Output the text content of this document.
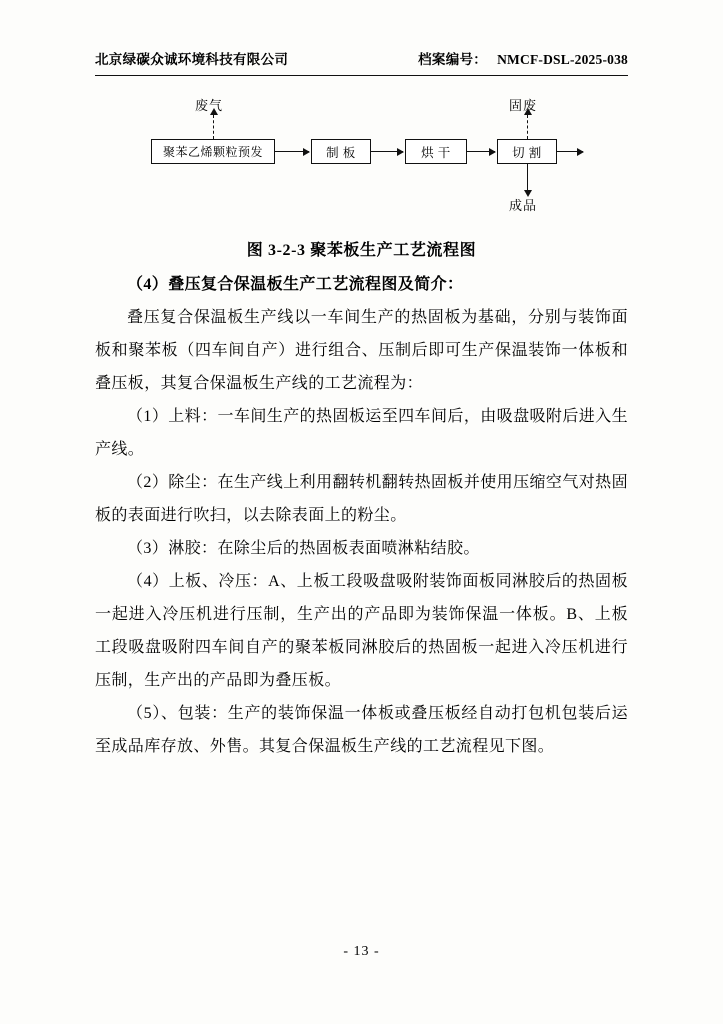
北京绿碳众诚环境科技有限公司	档案编号： NMCF-DSL-2025-038
废气	固废
成品
聚苯乙烯颗粒预发	制 板	烘 干	切 割
图 3-2-3 聚苯板生产工艺流程图

（4）叠压复合保温板生产工艺流程图及简介：

叠压复合保温板生产线以一车间生产的热固板为基础，分别与装饰面板和聚苯板（四车间自产）进行组合、压制后即可生产保温装饰一体板和叠压板，其复合保温板生产线的工艺流程为：

（1）上料：一车间生产的热固板运至四车间后，由吸盘吸附后进入生产线。

（2）除尘：在生产线上利用翻转机翻转热固板并使用压缩空气对热固板的表面进行吹扫，以去除表面上的粉尘。

（3）淋胶：在除尘后的热固板表面喷淋粘结胶。

（4）上板、冷压：A、上板工段吸盘吸附装饰面板同淋胶后的热固板一起进入冷压机进行压制，生产出的产品即为装饰保温一体板。B、上板工段吸盘吸附四车间自产的聚苯板同淋胶后的热固板一起进入冷压机进行压制，生产出的产品即为叠压板。

（5）、包装：生产的装饰保温一体板或叠压板经自动打包机包装后运至成品库存放、外售。其复合保温板生产线的工艺流程见下图。

- 13 -
